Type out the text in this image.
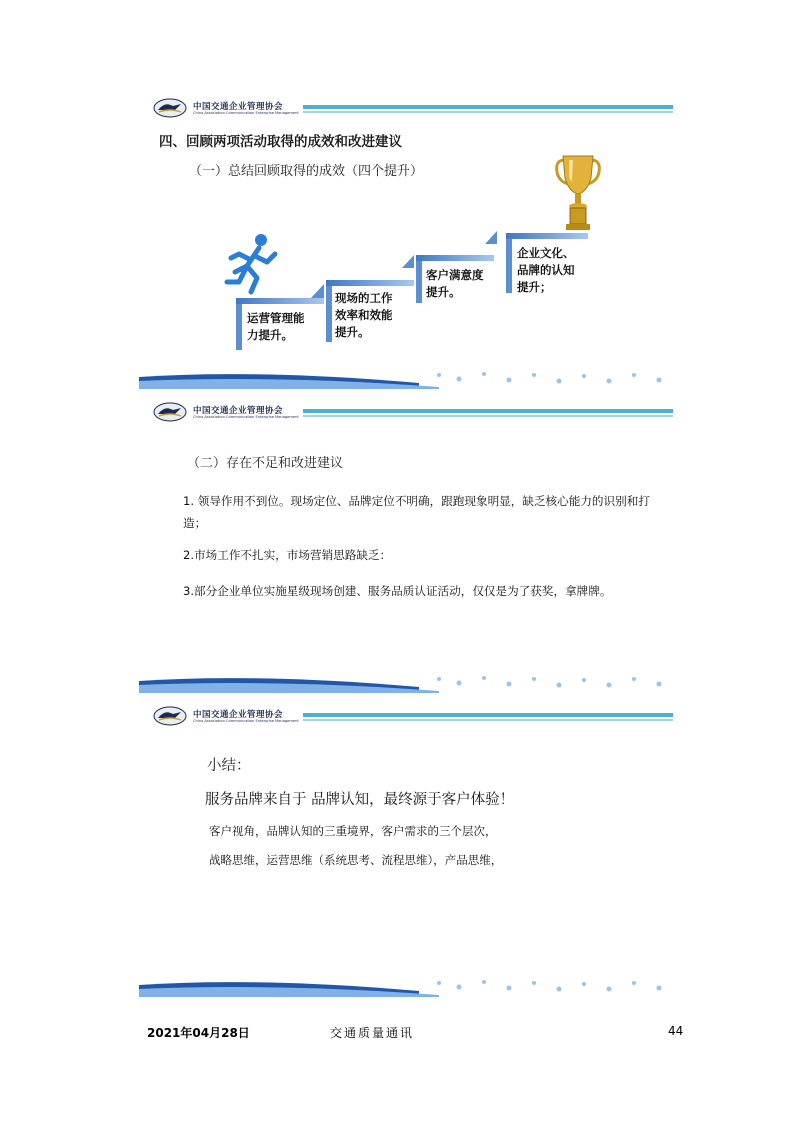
中国交通企业管理协会
China Association Communication Enterprise Management
四、回顾两项活动取得的成效和改进建议
（一）总结回顾取得的成效（四个提升）
运营管理能
力提升。
现场的工作
效率和效能
提升。
客户满意度
提升。
企业文化、
品牌的认知
提升；
中国交通企业管理协会
China Association Communication Enterprise Management
（二）存在不足和改进建议
1. 领导作用不到位。现场定位、品牌定位不明确，跟跑现象明显，缺乏核心能力的识别和打造；
2.市场工作不扎实，市场营销思路缺乏：
3.部分企业单位实施星级现场创建、服务品质认证活动，仅仅是为了获奖，拿牌牌。
中国交通企业管理协会
China Association Communication Enterprise Management
小结：
服务品牌来自于 品牌认知，最终源于客户体验！
客户视角，品牌认知的三重境界，客户需求的三个层次，
战略思维，运营思维（系统思考、流程思维），产品思维，
2021年04月28日	交通质量通讯	44
